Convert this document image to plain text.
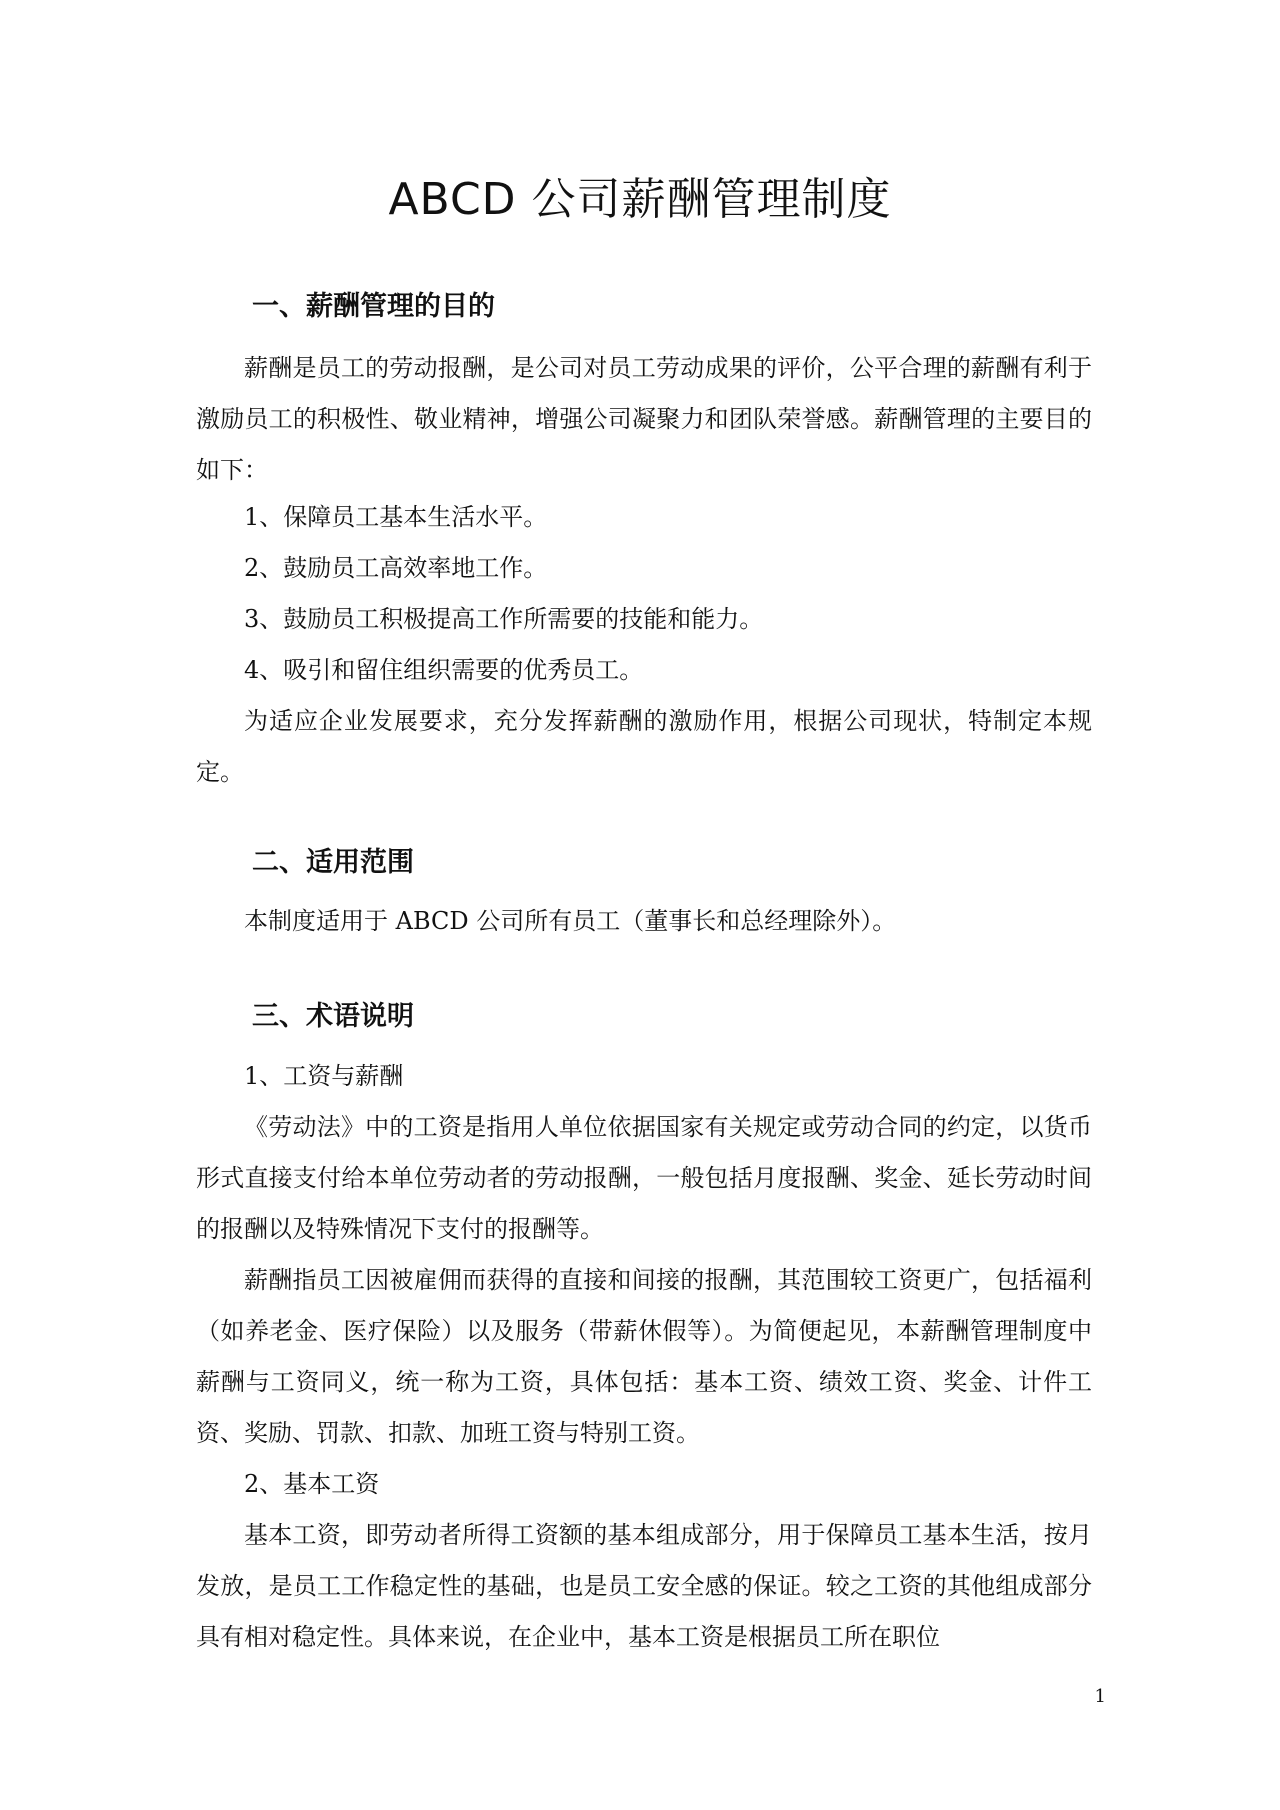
ABCD 公司薪酬管理制度
一、薪酬管理的目的
薪酬是员工的劳动报酬，是公司对员工劳动成果的评价，公平合理的薪酬有利于激励员工的积极性、敬业精神，增强公司凝聚力和团队荣誉感。薪酬管理的主要目的如下：
1、保障员工基本生活水平。
2、鼓励员工高效率地工作。
3、鼓励员工积极提高工作所需要的技能和能力。
4、吸引和留住组织需要的优秀员工。
为适应企业发展要求，充分发挥薪酬的激励作用，根据公司现状，特制定本规定。
二、适用范围
本制度适用于 ABCD 公司所有员工（董事长和总经理除外）。
三、术语说明
1、工资与薪酬
《劳动法》中的工资是指用人单位依据国家有关规定或劳动合同的约定，以货币形式直接支付给本单位劳动者的劳动报酬，一般包括月度报酬、奖金、延长劳动时间的报酬以及特殊情况下支付的报酬等。
薪酬指员工因被雇佣而获得的直接和间接的报酬，其范围较工资更广，包括福利（如养老金、医疗保险）以及服务（带薪休假等）。为简便起见，本薪酬管理制度中薪酬与工资同义，统一称为工资，具体包括：基本工资、绩效工资、奖金、计件工资、奖励、罚款、扣款、加班工资与特别工资。
2、基本工资
基本工资，即劳动者所得工资额的基本组成部分，用于保障员工基本生活，按月发放，是员工工作稳定性的基础，也是员工安全感的保证。较之工资的其他组成部分具有相对稳定性。具体来说，在企业中，基本工资是根据员工所在职位
1
